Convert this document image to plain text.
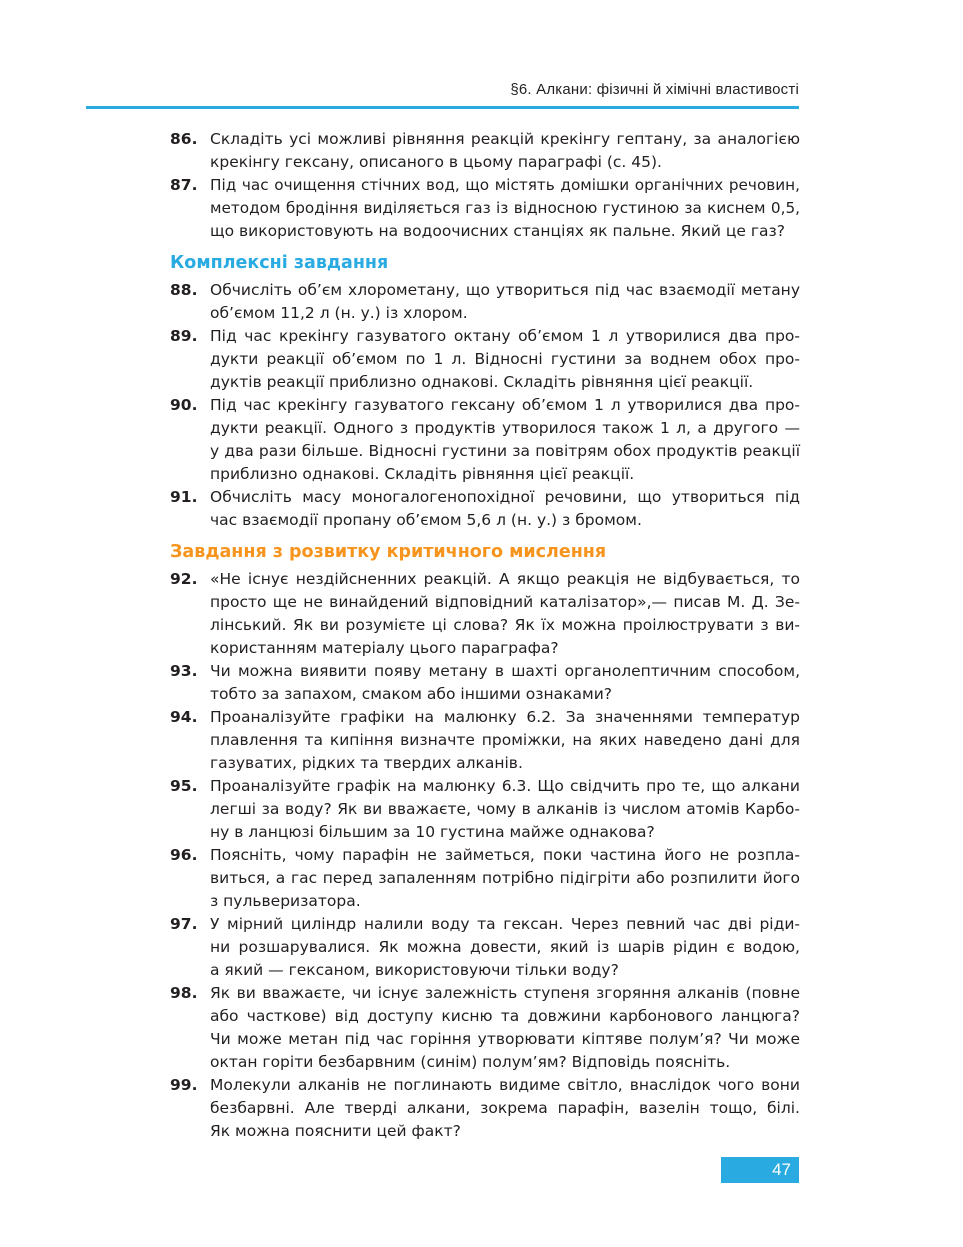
§6. Алкани: фізичні й хімічні властивості
86. Складіть усі можливі рівняння реакцій крекінгу гептану, за аналогією
крекінгу гексану, описаного в цьому параграфі (с. 45).
87. Під час очищення стічних вод, що містять домішки органічних речовин,
методом бродіння виділяється газ із відносною густиною за киснем 0,5,
що використовують на водоочисних станціях як пальне. Який це газ?
Комплексні завдання
88. Обчисліть об’єм хлорометану, що утвориться під час взаємодії метану
об’ємом 11,2 л (н. у.) із хлором.
89. Під час крекінгу газуватого октану об’ємом 1 л утворилися два про-
дукти реакції об’ємом по 1 л. Відносні густини за воднем обох про-
дуктів реакції приблизно однакові. Складіть рівняння цієї реакції.
90. Під час крекінгу газуватого гексану об’ємом 1 л утворилися два про-
дукти реакції. Одного з продуктів утворилося також 1 л, а другого —
у два рази більше. Відносні густини за повітрям обох продуктів реакції
приблизно однакові. Складіть рівняння цієї реакції.
91. Обчисліть масу моногалогенопохідної речовини, що утвориться під
час взаємодії пропану об’ємом 5,6 л (н. у.) з бромом.
Завдання з розвитку критичного мислення
92. «Не існує нездійсненних реакцій. А якщо реакція не відбувається, то
просто ще не винайдений відповідний каталізатор»,— писав М. Д. Зе-
лінський. Як ви розумієте ці слова? Як їх можна проілюструвати з ви-
користанням матеріалу цього параграфа?
93. Чи можна виявити появу метану в шахті органолептичним способом,
тобто за запахом, смаком або іншими ознаками?
94. Проаналізуйте графіки на малюнку 6.2. За значеннями температур
плавлення та кипіння визначте проміжки, на яких наведено дані для
газуватих, рідких та твердих алканів.
95. Проаналізуйте графік на малюнку 6.3. Що свідчить про те, що алкани
легші за воду? Як ви вважаєте, чому в алканів із числом атомів Карбо-
ну в ланцюзі більшим за 10 густина майже однакова?
96. Поясніть, чому парафін не займеться, поки частина його не розпла-
виться, а гас перед запаленням потрібно підігріти або розпилити його
з пульверизатора.
97. У мірний циліндр налили воду та гексан. Через певний час дві ріди-
ни розшарувалися. Як можна довести, який із шарів рідин є водою,
а який — гексаном, використовуючи тільки воду?
98. Як ви вважаєте, чи існує залежність ступеня згоряння алканів (повне
або часткове) від доступу кисню та довжини карбонового ланцюга?
Чи може метан під час горіння утворювати кіптяве полум’я? Чи може
октан горіти безбарвним (синім) полум’ям? Відповідь поясніть.
99. Молекули алканів не поглинають видиме світло, внаслідок чого вони
безбарвні. Але тверді алкани, зокрема парафін, вазелін тощо, білі.
Як можна пояснити цей факт?
47
